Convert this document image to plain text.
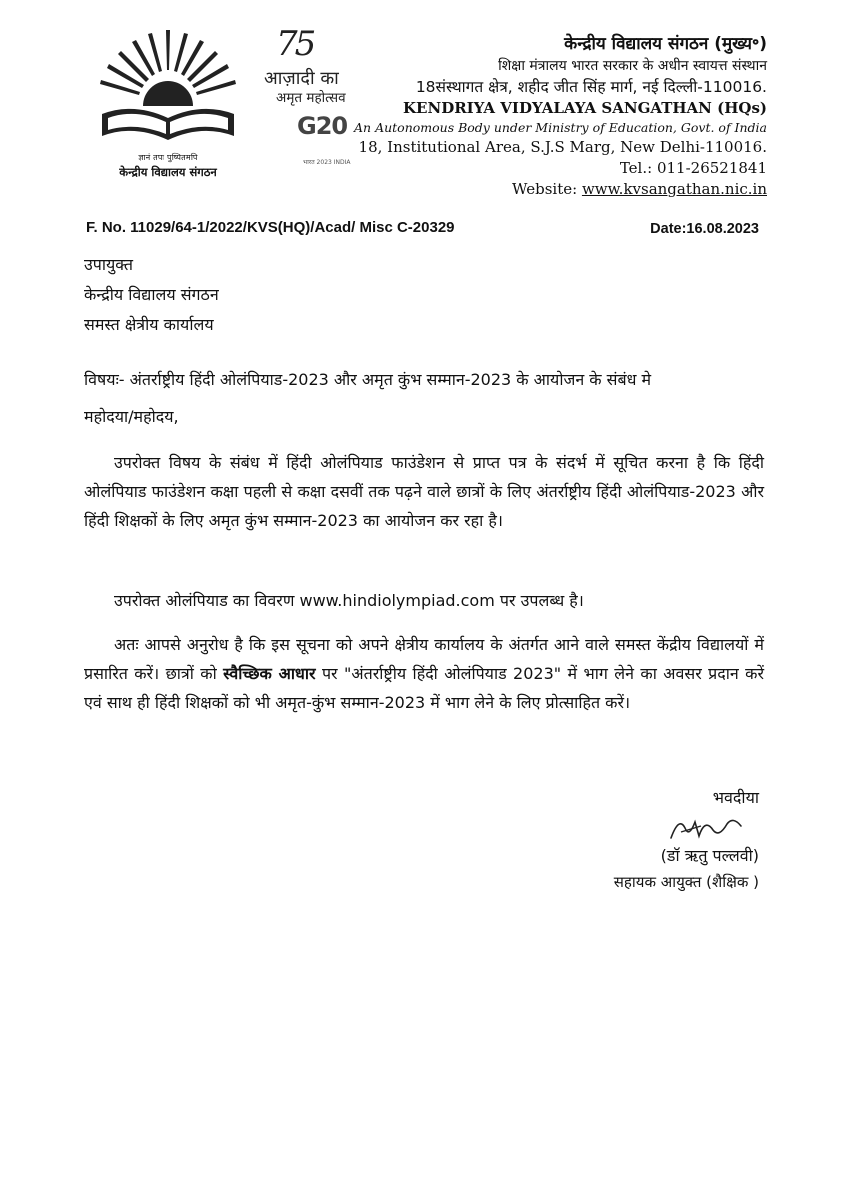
ज्ञानं तपः पुष्पितमपि
केन्द्रीय विद्यालय संगठन
75
आज़ादी का
अमृत महोत्सव
G20
भारत 2023 INDIA
केन्द्रीय विद्यालय संगठन (मुख्य॰)
शिक्षा मंत्रालय भारत सरकार के अधीन स्वायत्त संस्थान
18संस्थागत क्षेत्र, शहीद जीत सिंह मार्ग, नई दिल्ली-110016.
KENDRIYA VIDYALAYA SANGATHAN (HQs)
An Autonomous Body under Ministry of Education, Govt. of India
18, Institutional Area, S.J.S Marg, New Delhi-110016.
Tel.: 011-26521841
Website: www.kvsangathan.nic.in
F. No. 11029/64-1/2022/KVS(HQ)/Acad/ Misc C-20329	Date:16.08.2023
उपायुक्त
केन्द्रीय विद्यालय संगठन
समस्त क्षेत्रीय कार्यालय
विषयः- अंतर्राष्ट्रीय हिंदी ओलंपियाड-2023 और अमृत कुंभ सम्मान-2023 के आयोजन के संबंध मे
महोदया/महोदय,
उपरोक्त विषय के संबंध में हिंदी ओलंपियाड फाउंडेशन से प्राप्त पत्र के संदर्भ में सूचित करना है कि हिंदी ओलंपियाड फाउंडेशन कक्षा पहली से कक्षा दसवीं तक पढ़ने वाले छात्रों के लिए अंतर्राष्ट्रीय हिंदी ओलंपियाड-2023 और हिंदी शिक्षकों के लिए अमृत कुंभ सम्मान-2023 का आयोजन कर रहा है।
उपरोक्त ओलंपियाड का विवरण www.hindiolympiad.com पर उपलब्ध है।
अतः आपसे अनुरोध है कि इस सूचना को अपने क्षेत्रीय कार्यालय के अंतर्गत आने वाले समस्त केंद्रीय विद्यालयों में प्रसारित करें। छात्रों को स्वैच्छिक आधार पर "अंतर्राष्ट्रीय हिंदी ओलंपियाड 2023" में भाग लेने का अवसर प्रदान करें एवं साथ ही हिंदी शिक्षकों को भी अमृत-कुंभ सम्मान-2023 में भाग लेने के लिए प्रोत्साहित करें।
भवदीया
(डॉ ऋतु पल्लवी)
सहायक आयुक्त (शैक्षिक )
